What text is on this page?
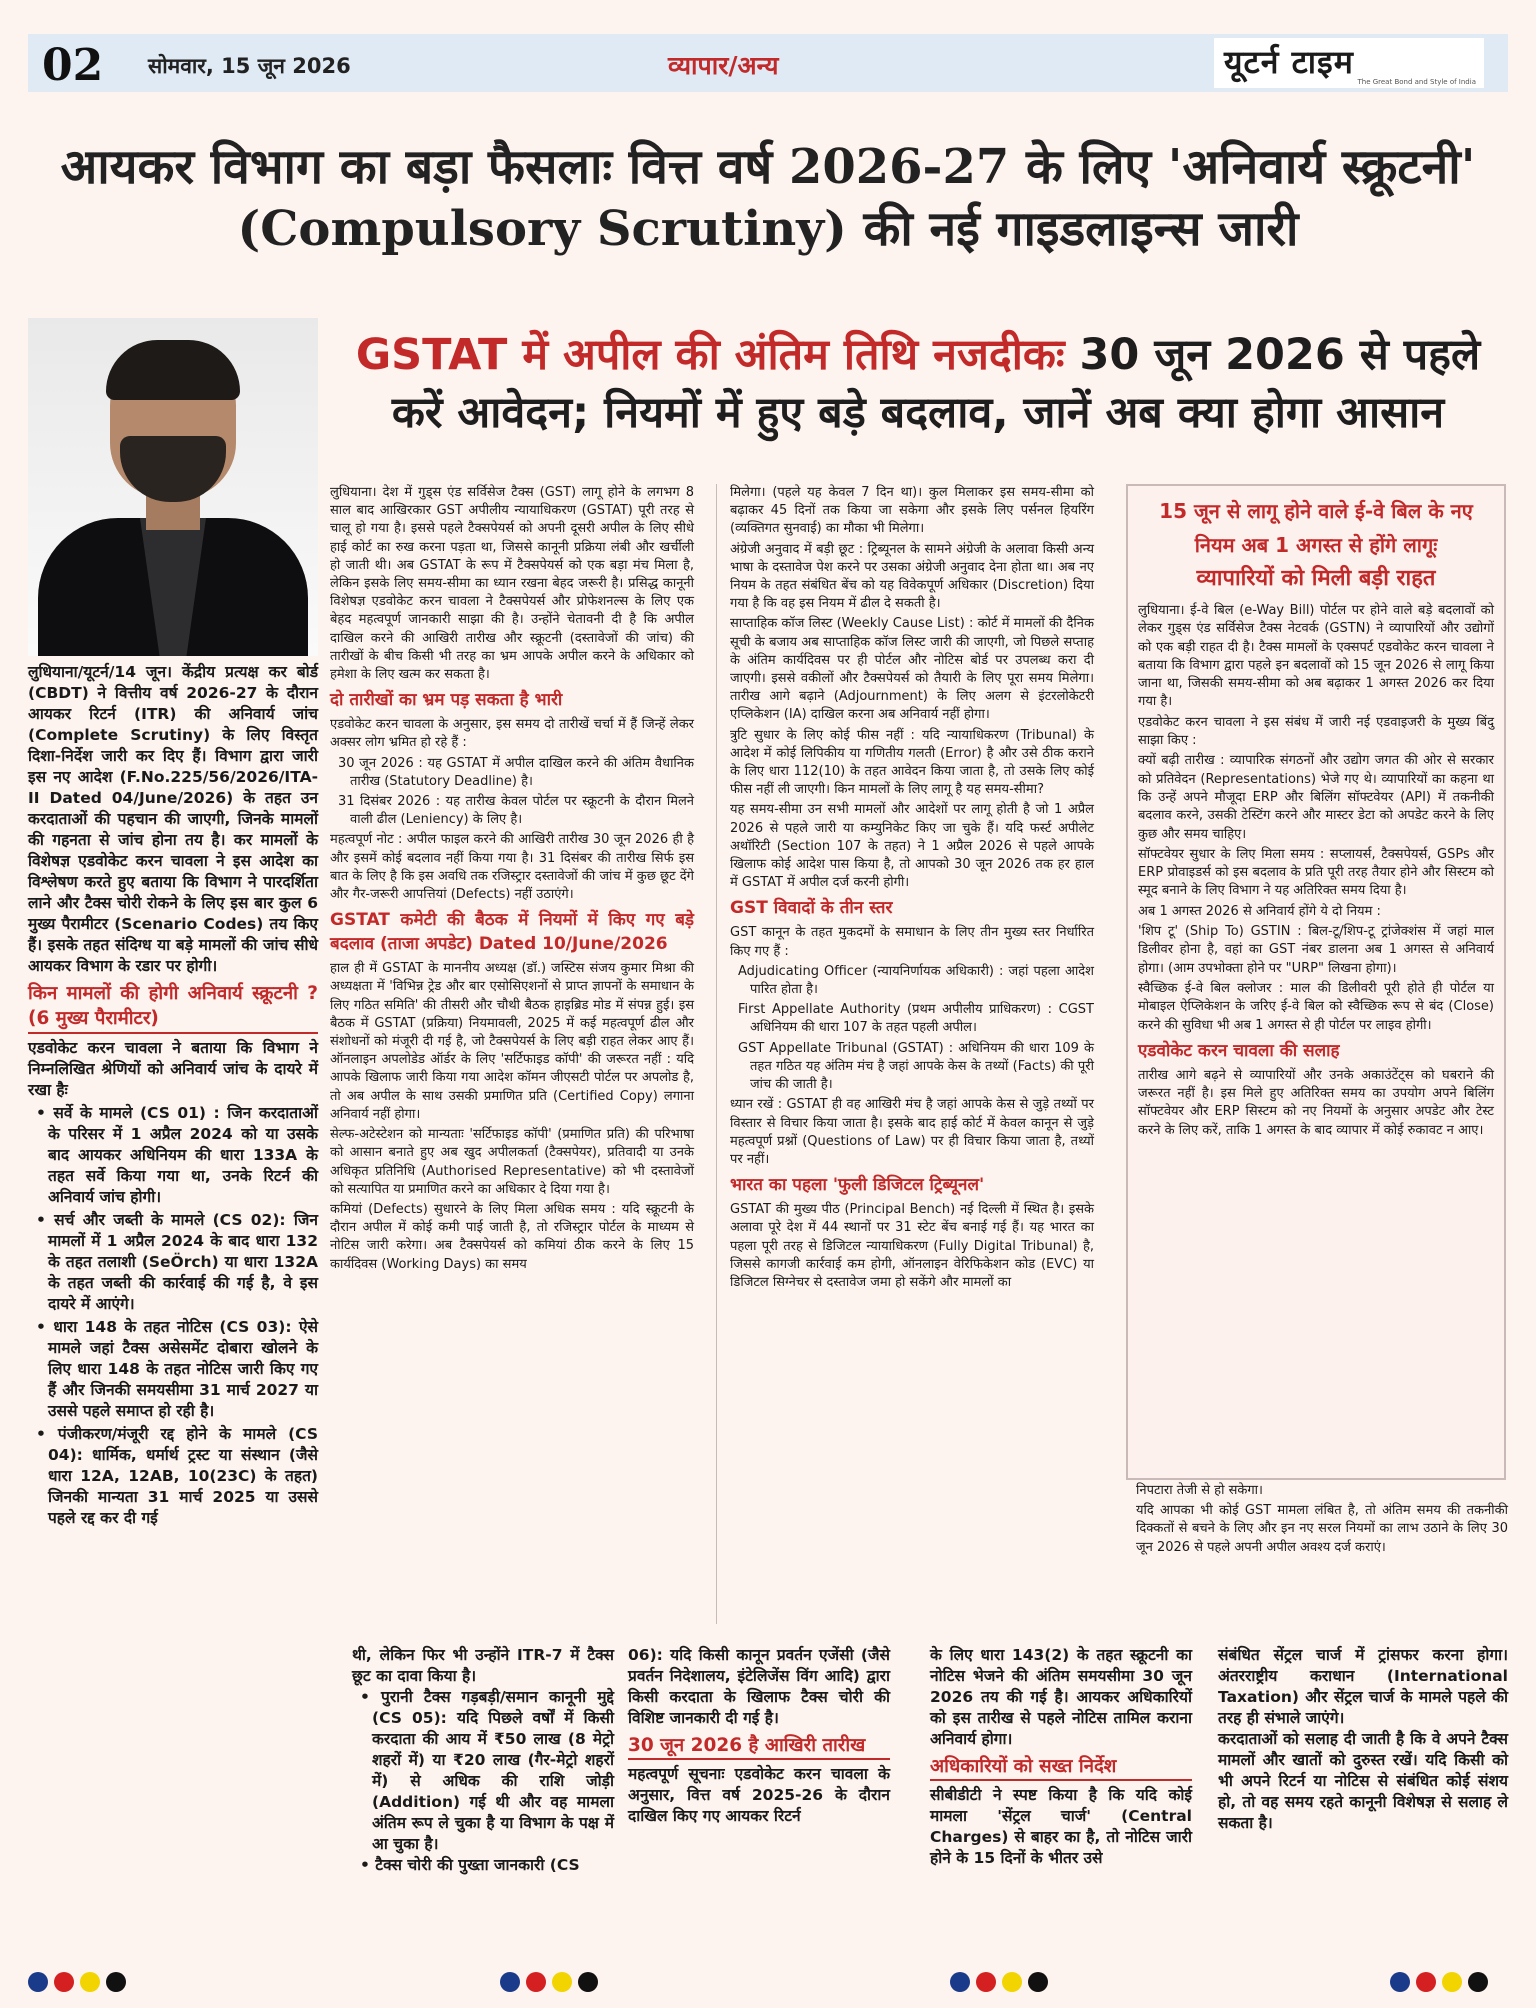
02 सोमवार, 15 जून 2026	व्यापार/अन्य	यूटर्न टाइम
The Great Bond and Style of India
आयकर विभाग का बड़ा फैसलाः वित्त वर्ष 2026-27 के लिए 'अनिवार्य स्क्रूटनी' (Compulsory Scrutiny) की नई गाइडलाइन्स जारी
GSTAT में अपील की अंतिम तिथि नजदीकः 30 जून 2026 से पहले करें आवेदन; नियमों में हुए बड़े बदलाव, जानें अब क्या होगा आसान

लुधियाना/यूटर्न/14 जून। केंद्रीय प्रत्यक्ष कर बोर्ड (CBDT) ने वित्तीय वर्ष 2026-27 के दौरान आयकर रिटर्न (ITR) की अनिवार्य जांच (Complete Scrutiny) के लिए विस्तृत दिशा-निर्देश जारी कर दिए हैं। विभाग द्वारा जारी इस नए आदेश (F.No.225/56/2026/ITA-II Dated 04/June/2026) के तहत उन करदाताओं की पहचान की जाएगी, जिनके मामलों की गहनता से जांच होना तय है। कर मामलों के विशेषज्ञ एडवोकेट करन चावला ने इस आदेश का विश्लेषण करते हुए बताया कि विभाग ने पारदर्शिता लाने और टैक्स चोरी रोकने के लिए इस बार कुल 6 मुख्य पैरामीटर (Scenario Codes) तय किए हैं। इसके तहत संदिग्ध या बड़े मामलों की जांच सीधे आयकर विभाग के रडार पर होगी।

किन मामलों की होगी अनिवार्य स्क्रूटनी ? (6 मुख्य पैरामीटर)

एडवोकेट करन चावला ने बताया कि विभाग ने निम्नलिखित श्रेणियों को अनिवार्य जांच के दायरे में रखा हैः

• सर्वे के मामले (CS 01) : जिन करदाताओं के परिसर में 1 अप्रैल 2024 को या उसके बाद आयकर अधिनियम की धारा 133A के तहत सर्वे किया गया था, उनके रिटर्न की अनिवार्य जांच होगी।

• सर्च और जब्ती के मामले (CS 02): जिन मामलों में 1 अप्रैल 2024 के बाद धारा 132 के तहत तलाशी (SeÖrch) या धारा 132A के तहत जब्ती की कार्रवाई की गई है, वे इस दायरे में आएंगे।

• धारा 148 के तहत नोटिस (CS 03): ऐसे मामले जहां टैक्स असेसमेंट दोबारा खोलने के लिए धारा 148 के तहत नोटिस जारी किए गए हैं और जिनकी समयसीमा 31 मार्च 2027 या उससे पहले समाप्त हो रही है।

• पंजीकरण/मंजूरी रद्द होने के मामले (CS 04): धार्मिक, धर्मार्थ ट्रस्ट या संस्थान (जैसे धारा 12A, 12AB, 10(23C) के तहत) जिनकी मान्यता 31 मार्च 2025 या उससे पहले रद्द कर दी गई

लुधियाना। देश में गुड्स एंड सर्विसेज टैक्स (GST) लागू होने के लगभग 8 साल बाद आखिरकार GST अपीलीय न्यायाधिकरण (GSTAT) पूरी तरह से चालू हो गया है। इससे पहले टैक्सपेयर्स को अपनी दूसरी अपील के लिए सीधे हाई कोर्ट का रुख करना पड़ता था, जिससे कानूनी प्रक्रिया लंबी और खर्चीली हो जाती थी। अब GSTAT के रूप में टैक्सपेयर्स को एक बड़ा मंच मिला है, लेकिन इसके लिए समय-सीमा का ध्यान रखना बेहद जरूरी है। प्रसिद्ध कानूनी विशेषज्ञ एडवोकेट करन चावला ने टैक्सपेयर्स और प्रोफेशनल्स के लिए एक बेहद महत्वपूर्ण जानकारी साझा की है। उन्होंने चेतावनी दी है कि अपील दाखिल करने की आखिरी तारीख और स्क्रूटनी (दस्तावेजों की जांच) की तारीखों के बीच किसी भी तरह का भ्रम आपके अपील करने के अधिकार को हमेशा के लिए खत्म कर सकता है।

दो तारीखों का भ्रम पड़ सकता है भारी

एडवोकेट करन चावला के अनुसार, इस समय दो तारीखें चर्चा में हैं जिन्हें लेकर अक्सर लोग भ्रमित हो रहे हैं :

30 जून 2026 : यह GSTAT में अपील दाखिल करने की अंतिम वैधानिक तारीख (Statutory Deadline) है।

31 दिसंबर 2026 : यह तारीख केवल पोर्टल पर स्क्रूटनी के दौरान मिलने वाली ढील (Leniency) के लिए है।

महत्वपूर्ण नोट : अपील फाइल करने की आखिरी तारीख 30 जून 2026 ही है और इसमें कोई बदलाव नहीं किया गया है। 31 दिसंबर की तारीख सिर्फ इस बात के लिए है कि इस अवधि तक रजिस्ट्रार दस्तावेजों की जांच में कुछ छूट देंगे और गैर-जरूरी आपत्तियां (Defects) नहीं उठाएंगे।

GSTAT कमेटी की बैठक में नियमों में किए गए बड़े बदलाव (ताजा अपडेट) Dated 10/June/2026

हाल ही में GSTAT के माननीय अध्यक्ष (डॉ.) जस्टिस संजय कुमार मिश्रा की अध्यक्षता में 'विभिन्न ट्रेड और बार एसोसिएशनों से प्राप्त ज्ञापनों के समाधान के लिए गठित समिति' की तीसरी और चौथी बैठक हाइब्रिड मोड में संपन्न हुई। इस बैठक में GSTAT (प्रक्रिया) नियमावली, 2025 में कई महत्वपूर्ण ढील और संशोधनों को मंजूरी दी गई है, जो टैक्सपेयर्स के लिए बड़ी राहत लेकर आए हैं। ऑनलाइन अपलोडेड ऑर्डर के लिए 'सर्टिफाइड कॉपी' की जरूरत नहीं : यदि आपके खिलाफ जारी किया गया आदेश कॉमन जीएसटी पोर्टल पर अपलोड है, तो अब अपील के साथ उसकी प्रमाणित प्रति (Certified Copy) लगाना अनिवार्य नहीं होगा।

सेल्फ-अटेस्टेशन को मान्यताः 'सर्टिफाइड कॉपी' (प्रमाणित प्रति) की परिभाषा को आसान बनाते हुए अब खुद अपीलकर्ता (टैक्सपेयर), प्रतिवादी या उनके अधिकृत प्रतिनिधि (Authorised Representative) को भी दस्तावेजों को सत्यापित या प्रमाणित करने का अधिकार दे दिया गया है।

कमियां (Defects) सुधारने के लिए मिला अधिक समय : यदि स्क्रूटनी के दौरान अपील में कोई कमी पाई जाती है, तो रजिस्ट्रार पोर्टल के माध्यम से नोटिस जारी करेगा। अब टैक्सपेयर्स को कमियां ठीक करने के लिए 15 कार्यदिवस (Working Days) का समय

मिलेगा। (पहले यह केवल 7 दिन था)। कुल मिलाकर इस समय-सीमा को बढ़ाकर 45 दिनों तक किया जा सकेगा और इसके लिए पर्सनल हियरिंग (व्यक्तिगत सुनवाई) का मौका भी मिलेगा।

अंग्रेजी अनुवाद में बड़ी छूट : ट्रिब्यूनल के सामने अंग्रेजी के अलावा किसी अन्य भाषा के दस्तावेज पेश करने पर उसका अंग्रेजी अनुवाद देना होता था। अब नए नियम के तहत संबंधित बेंच को यह विवेकपूर्ण अधिकार (Discretion) दिया गया है कि वह इस नियम में ढील दे सकती है।

साप्ताहिक कॉज लिस्ट (Weekly Cause List) : कोर्ट में मामलों की दैनिक सूची के बजाय अब साप्ताहिक कॉज लिस्ट जारी की जाएगी, जो पिछले सप्ताह के अंतिम कार्यदिवस पर ही पोर्टल और नोटिस बोर्ड पर उपलब्ध करा दी जाएगी। इससे वकीलों और टैक्सपेयर्स को तैयारी के लिए पूरा समय मिलेगा। तारीख आगे बढ़ाने (Adjournment) के लिए अलग से इंटरलोकेटरी एप्लिकेशन (IA) दाखिल करना अब अनिवार्य नहीं होगा।

त्रुटि सुधार के लिए कोई फीस नहीं : यदि न्यायाधिकरण (Tribunal) के आदेश में कोई लिपिकीय या गणितीय गलती (Error) है और उसे ठीक कराने के लिए धारा 112(10) के तहत आवेदन किया जाता है, तो उसके लिए कोई फीस नहीं ली जाएगी। किन मामलों के लिए लागू है यह समय-सीमा?

यह समय-सीमा उन सभी मामलों और आदेशों पर लागू होती है जो 1 अप्रैल 2026 से पहले जारी या कम्युनिकेट किए जा चुके हैं। यदि फर्स्ट अपीलेट अथॉरिटी (Section 107 के तहत) ने 1 अप्रैल 2026 से पहले आपके खिलाफ कोई आदेश पास किया है, तो आपको 30 जून 2026 तक हर हाल में GSTAT में अपील दर्ज करनी होगी।

GST विवादों के तीन स्तर

GST कानून के तहत मुकदमों के समाधान के लिए तीन मुख्य स्तर निर्धारित किए गए हैं :

Adjudicating Officer (न्यायनिर्णायक अधिकारी) : जहां पहला आदेश पारित होता है।

First Appellate Authority (प्रथम अपीलीय प्राधिकरण) : CGST अधिनियम की धारा 107 के तहत पहली अपील।

GST Appellate Tribunal (GSTAT) : अधिनियम की धारा 109 के तहत गठित यह अंतिम मंच है जहां आपके केस के तथ्यों (Facts) की पूरी जांच की जाती है।

ध्यान रखें : GSTAT ही वह आखिरी मंच है जहां आपके केस से जुड़े तथ्यों पर विस्तार से विचार किया जाता है। इसके बाद हाई कोर्ट में केवल कानून से जुड़े महत्वपूर्ण प्रश्नों (Questions of Law) पर ही विचार किया जाता है, तथ्यों पर नहीं।

भारत का पहला 'फुली डिजिटल ट्रिब्यूनल'

GSTAT की मुख्य पीठ (Principal Bench) नई दिल्ली में स्थित है। इसके अलावा पूरे देश में 44 स्थानों पर 31 स्टेट बेंच बनाई गई हैं। यह भारत का पहला पूरी तरह से डिजिटल न्यायाधिकरण (Fully Digital Tribunal) है, जिससे कागजी कार्रवाई कम होगी, ऑनलाइन वेरिफिकेशन कोड (EVC) या डिजिटल सिग्नेचर से दस्तावेज जमा हो सकेंगे और मामलों का

15 जून से लागू होने वाले ई-वे बिल के नए नियम अब 1 अगस्त से होंगे लागूः
व्यापारियों को मिली बड़ी राहत

लुधियाना। ई-वे बिल (e-Way Bill) पोर्टल पर होने वाले बड़े बदलावों को लेकर गुड्स एंड सर्विसेज टैक्स नेटवर्क (GSTN) ने व्यापारियों और उद्योगों को एक बड़ी राहत दी है। टैक्स मामलों के एक्सपर्ट एडवोकेट करन चावला ने बताया कि विभाग द्वारा पहले इन बदलावों को 15 जून 2026 से लागू किया जाना था, जिसकी समय-सीमा को अब बढ़ाकर 1 अगस्त 2026 कर दिया गया है।

एडवोकेट करन चावला ने इस संबंध में जारी नई एडवाइजरी के मुख्य बिंदु साझा किए :

क्यों बढ़ी तारीख : व्यापारिक संगठनों और उद्योग जगत की ओर से सरकार को प्रतिवेदन (Representations) भेजे गए थे। व्यापारियों का कहना था कि उन्हें अपने मौजूदा ERP और बिलिंग सॉफ्टवेयर (API) में तकनीकी बदलाव करने, उसकी टेस्टिंग करने और मास्टर डेटा को अपडेट करने के लिए कुछ और समय चाहिए।

सॉफ्टवेयर सुधार के लिए मिला समय : सप्लायर्स, टैक्सपेयर्स, GSPs और ERP प्रोवाइडर्स को इस बदलाव के प्रति पूरी तरह तैयार होने और सिस्टम को स्मूद बनाने के लिए विभाग ने यह अतिरिक्त समय दिया है।

अब 1 अगस्त 2026 से अनिवार्य होंगे ये दो नियम :

'शिप टू' (Ship To) GSTIN : बिल-टू/शिप-टू ट्रांजेक्शंस में जहां माल डिलीवर होना है, वहां का GST नंबर डालना अब 1 अगस्त से अनिवार्य होगा। (आम उपभोक्ता होने पर "URP" लिखना होगा)।

स्वैच्छिक ई-वे बिल क्लोजर : माल की डिलीवरी पूरी होते ही पोर्टल या मोबाइल ऐप्लिकेशन के जरिए ई-वे बिल को स्वैच्छिक रूप से बंद (Close) करने की सुविधा भी अब 1 अगस्त से ही पोर्टल पर लाइव होगी।

एडवोकेट करन चावला की सलाह

तारीख आगे बढ़ने से व्यापारियों और उनके अकाउंटेंट्स को घबराने की जरूरत नहीं है। इस मिले हुए अतिरिक्त समय का उपयोग अपने बिलिंग सॉफ्टवेयर और ERP सिस्टम को नए नियमों के अनुसार अपडेट और टेस्ट करने के लिए करें, ताकि 1 अगस्त के बाद व्यापार में कोई रुकावट न आए।

निपटारा तेजी से हो सकेगा।

यदि आपका भी कोई GST मामला लंबित है, तो अंतिम समय की तकनीकी दिक्कतों से बचने के लिए और इन नए सरल नियमों का लाभ उठाने के लिए 30 जून 2026 से पहले अपनी अपील अवश्य दर्ज कराएं।

थी, लेकिन फिर भी उन्होंने ITR-7 में टैक्स छूट का दावा किया है।

• पुरानी टैक्स गड़बड़ी/समान कानूनी मुद्दे (CS 05): यदि पिछले वर्षों में किसी करदाता की आय में ₹50 लाख (8 मेट्रो शहरों में) या ₹20 लाख (गैर-मेट्रो शहरों में) से अधिक की राशि जोड़ी (Addition) गई थी और वह मामला अंतिम रूप ले चुका है या विभाग के पक्ष में आ चुका है।

• टैक्स चोरी की पुख्ता जानकारी (CS

06): यदि किसी कानून प्रवर्तन एजेंसी (जैसे प्रवर्तन निदेशालय, इंटेलिजेंस विंग आदि) द्वारा किसी करदाता के खिलाफ टैक्स चोरी की विशिष्ट जानकारी दी गई है।

30 जून 2026 है आखिरी तारीख

महत्वपूर्ण सूचनाः एडवोकेट करन चावला के अनुसार, वित्त वर्ष 2025-26 के दौरान दाखिल किए गए आयकर रिटर्न

के लिए धारा 143(2) के तहत स्क्रूटनी का नोटिस भेजने की अंतिम समयसीमा 30 जून 2026 तय की गई है। आयकर अधिकारियों को इस तारीख से पहले नोटिस तामिल कराना अनिवार्य होगा।

अधिकारियों को सख्त निर्देश

सीबीडीटी ने स्पष्ट किया है कि यदि कोई मामला 'सेंट्रल चार्ज' (Central Charges) से बाहर का है, तो नोटिस जारी होने के 15 दिनों के भीतर उसे

संबंधित सेंट्रल चार्ज में ट्रांसफर करना होगा। अंतरराष्ट्रीय कराधान (International Taxation) और सेंट्रल चार्ज के मामले पहले की तरह ही संभाले जाएंगे।

करदाताओं को सलाह दी जाती है कि वे अपने टैक्स मामलों और खातों को दुरुस्त रखें। यदि किसी को भी अपने रिटर्न या नोटिस से संबंधित कोई संशय हो, तो वह समय रहते कानूनी विशेषज्ञ से सलाह ले सकता है।
